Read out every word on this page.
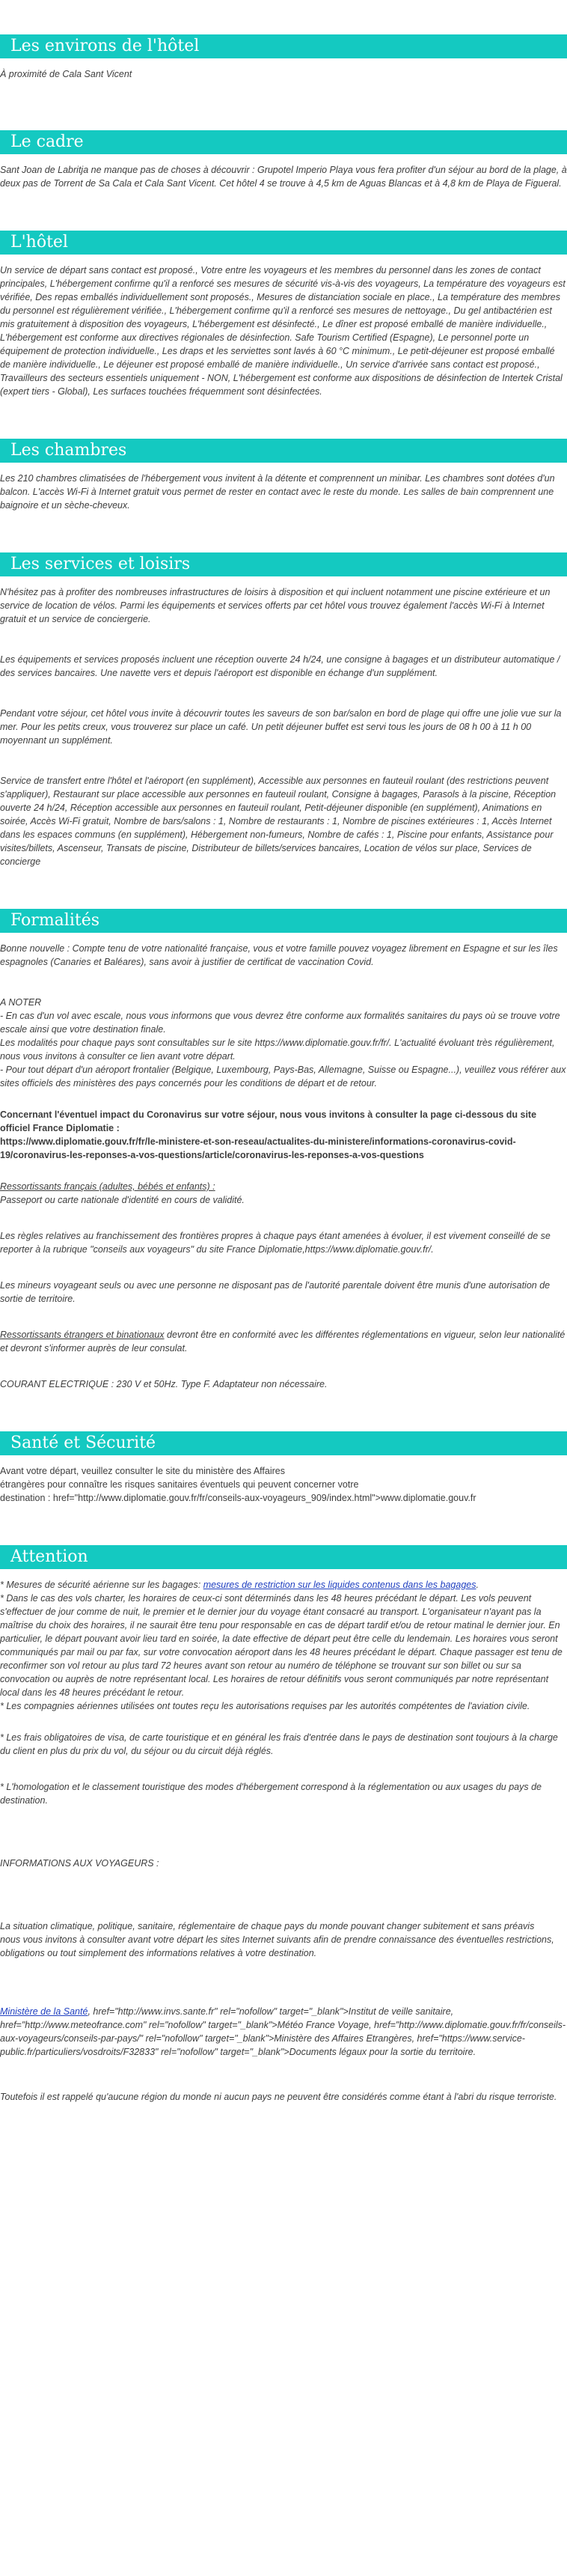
Les environs de l'hôtel

À proximité de Cala Sant Vicent

Le cadre

Sant Joan de Labritja ne manque pas de choses à découvrir : Grupotel Imperio Playa vous fera profiter d'un séjour au bord de la plage, à deux pas de Torrent de Sa Cala et Cala Sant Vicent. Cet hôtel 4 se trouve à 4,5 km de Aguas Blancas et à 4,8 km de Playa de Figueral.

L'hôtel

Un service de départ sans contact est proposé., Votre entre les voyageurs et les membres du personnel dans les zones de contact principales, L'hébergement confirme qu'il a renforcé ses mesures de sécurité vis-à-vis des voyageurs, La température des voyageurs est vérifiée, Des repas emballés individuellement sont proposés., Mesures de distanciation sociale en place., La température des membres du personnel est régulièrement vérifiée., L'hébergement confirme qu'il a renforcé ses mesures de nettoyage., Du gel antibactérien est mis gratuitement à disposition des voyageurs, L'hébergement est désinfecté., Le dîner est proposé emballé de manière individuelle., L'hébergement est conforme aux directives régionales de désinfection. Safe Tourism Certified (Espagne), Le personnel porte un équipement de protection individuelle., Les draps et les serviettes sont lavés à 60 °C minimum., Le petit-déjeuner est proposé emballé de manière individuelle., Le déjeuner est proposé emballé de manière individuelle., Un service d'arrivée sans contact est proposé., Travailleurs des secteurs essentiels uniquement - NON, L'hébergement est conforme aux dispositions de désinfection de Intertek Cristal (expert tiers - Global), Les surfaces touchées fréquemment sont désinfectées.

Les chambres

Les 210 chambres climatisées de l'hébergement vous invitent à la détente et comprennent un minibar. Les chambres sont dotées d'un balcon. L'accès Wi-Fi à Internet gratuit vous permet de rester en contact avec le reste du monde. Les salles de bain comprennent une baignoire et un sèche-cheveux.

Les services et loisirs

N'hésitez pas à profiter des nombreuses infrastructures de loisirs à disposition et qui incluent notamment une piscine extérieure et un service de location de vélos. Parmi les équipements et services offerts par cet hôtel vous trouvez également l'accès Wi-Fi à Internet gratuit et un service de conciergerie.

Les équipements et services proposés incluent une réception ouverte 24 h/24, une consigne à bagages et un distributeur automatique / des services bancaires. Une navette vers et depuis l'aéroport est disponible en échange d'un supplément.

Pendant votre séjour, cet hôtel vous invite à découvrir toutes les saveurs de son bar/salon en bord de plage qui offre une jolie vue sur la mer. Pour les petits creux, vous trouverez sur place un café. Un petit déjeuner buffet est servi tous les jours de 08 h 00 à 11 h 00 moyennant un supplément.

Service de transfert entre l'hôtel et l'aéroport (en supplément), Accessible aux personnes en fauteuil roulant (des restrictions peuvent s'appliquer), Restaurant sur place accessible aux personnes en fauteuil roulant, Consigne à bagages, Parasols à la piscine, Réception ouverte 24 h/24, Réception accessible aux personnes en fauteuil roulant, Petit-déjeuner disponible (en supplément), Animations en soirée, Accès Wi-Fi gratuit, Nombre de bars/salons : 1, Nombre de restaurants : 1, Nombre de piscines extérieures : 1, Accès Internet dans les espaces communs (en supplément), Hébergement non-fumeurs, Nombre de cafés : 1, Piscine pour enfants, Assistance pour visites/billets, Ascenseur, Transats de piscine, Distributeur de billets/services bancaires, Location de vélos sur place, Services de concierge

Formalités

Bonne nouvelle : Compte tenu de votre nationalité française, vous et votre famille pouvez voyagez librement en Espagne et sur les îles espagnoles (Canaries et Baléares), sans avoir à justifier de certificat de vaccination Covid.

A NOTER
- En cas d'un vol avec escale, nous vous informons que vous devrez être conforme aux formalités sanitaires du pays où se trouve votre escale ainsi que votre destination finale.
Les modalités pour chaque pays sont consultables sur le site https://www.diplomatie.gouv.fr/fr/. L'actualité évoluant très régulièrement, nous vous invitons à consulter ce lien avant votre départ.
- Pour tout départ d'un aéroport frontalier (Belgique, Luxembourg, Pays-Bas, Allemagne, Suisse ou Espagne...), veuillez vous référer aux sites officiels des ministères des pays concernés pour les conditions de départ et de retour.

Concernant l'éventuel impact du Coronavirus sur votre séjour, nous vous invitons à consulter la page ci-dessous du site officiel France Diplomatie :
https://www.diplomatie.gouv.fr/fr/le-ministere-et-son-reseau/actualites-du-ministere/informations-coronavirus-covid-19/coronavirus-les-reponses-a-vos-questions/article/coronavirus-les-reponses-a-vos-questions

Ressortissants français (adultes, bébés et enfants) :

Passeport ou carte nationale d'identité en cours de validité.

Les règles relatives au franchissement des frontières propres à chaque pays étant amenées à évoluer, il est vivement conseillé de se reporter à la rubrique "conseils aux voyageurs" du site France Diplomatie,https://www.diplomatie.gouv.fr/.

Les mineurs voyageant seuls ou avec une personne ne disposant pas de l'autorité parentale doivent être munis d'une autorisation de sortie de territoire.

Ressortissants étrangers et binationaux devront être en conformité avec les différentes réglementations en vigueur, selon leur nationalité et devront s'informer auprès de leur consulat.

COURANT ELECTRIQUE : 230 V et 50Hz. Type F. Adaptateur non nécessaire.

Santé et Sécurité

Avant votre départ, veuillez consulter le site du ministère des Affaires
étrangères pour connaître les risques sanitaires éventuels qui peuvent concerner votre
destination : href="http://www.diplomatie.gouv.fr/fr/conseils-aux-voyageurs_909/index.html">www.diplomatie.gouv.fr

Attention

* Mesures de sécurité aérienne sur les bagages: mesures de restriction sur les liquides contenus dans les bagages.
* Dans le cas des vols charter, les horaires de ceux-ci sont déterminés dans les 48 heures précédant le départ. Les vols peuvent s'effectuer de jour comme de nuit, le premier et le dernier jour du voyage étant consacré au transport. L'organisateur n'ayant pas la maîtrise du choix des horaires, il ne saurait être tenu pour responsable en cas de départ tardif et/ou de retour matinal le dernier jour. En particulier, le départ pouvant avoir lieu tard en soirée, la date effective de départ peut être celle du lendemain. Les horaires vous seront communiqués par mail ou par fax, sur votre convocation aéroport dans les 48 heures précédant le départ. Chaque passager est tenu de reconfirmer son vol retour au plus tard 72 heures avant son retour au numéro de téléphone se trouvant sur son billet ou sur sa convocation ou auprès de notre représentant local. Les horaires de retour définitifs vous seront communiqués par notre représentant local dans les 48 heures précédant le retour.
* Les compagnies aériennes utilisées ont toutes reçu les autorisations requises par les autorités compétentes de l'aviation civile.

* Les frais obligatoires de visa, de carte touristique et en général les frais d'entrée dans le pays de destination sont toujours à la charge du client en plus du prix du vol, du séjour ou du circuit déjà réglés.

* L'homologation et le classement touristique des modes d'hébergement correspond à la réglementation ou aux usages du pays de destination.

INFORMATIONS AUX VOYAGEURS :

La situation climatique, politique, sanitaire, réglementaire de chaque pays du monde pouvant changer subitement et sans préavis
nous vous invitons à consulter avant votre départ les sites Internet suivants afin de prendre connaissance des éventuelles restrictions, obligations ou tout simplement des informations relatives à votre destination.

Ministère de la Santé, href="http://www.invs.sante.fr" rel="nofollow" target="_blank">Institut de veille sanitaire, href="http://www.meteofrance.com" rel="nofollow" target="_blank">Météo France Voyage, href="http://www.diplomatie.gouv.fr/fr/conseils-aux-voyageurs/conseils-par-pays/" rel="nofollow" target="_blank">Ministère des Affaires Etrangères, href="https://www.service-public.fr/particuliers/vosdroits/F32833" rel="nofollow" target="_blank">Documents légaux pour la sortie du territoire.

Toutefois il est rappelé qu'aucune région du monde ni aucun pays ne peuvent être considérés comme étant à l'abri du risque terroriste.
